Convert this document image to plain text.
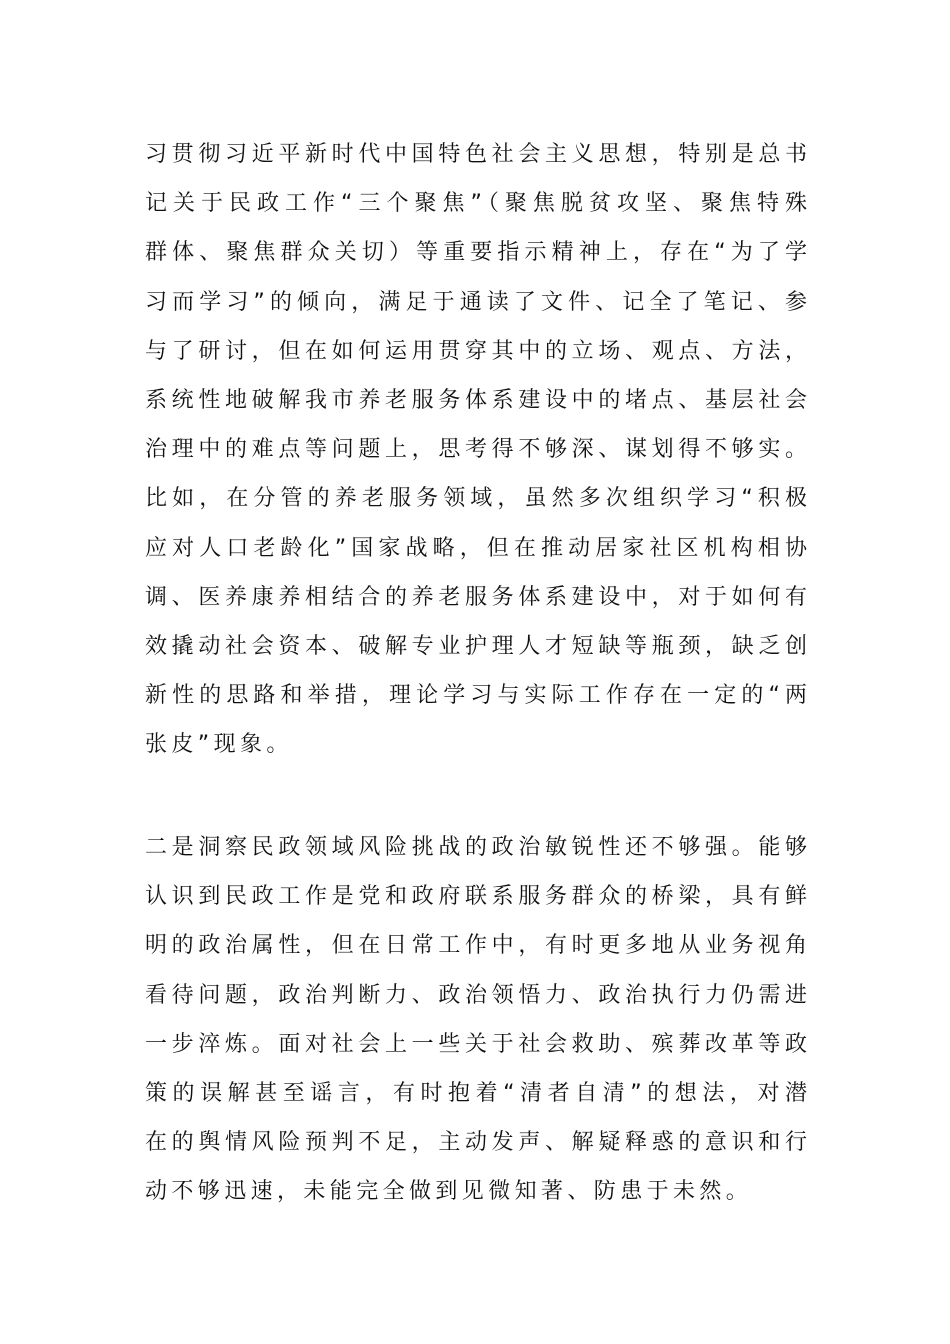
习贯彻习近平新时代中国特色社会主义思想，特别是总书
记关于民政工作“三个聚焦”（聚焦脱贫攻坚、聚焦特殊
群体、聚焦群众关切）等重要指示精神上，存在“为了学
习而学习”的倾向，满足于通读了文件、记全了笔记、参
与了研讨，但在如何运用贯穿其中的立场、观点、方法，
系统性地破解我市养老服务体系建设中的堵点、基层社会
治理中的难点等问题上，思考得不够深、谋划得不够实。
比如，在分管的养老服务领域，虽然多次组织学习“积极
应对人口老龄化”国家战略，但在推动居家社区机构相协
调、医养康养相结合的养老服务体系建设中，对于如何有
效撬动社会资本、破解专业护理人才短缺等瓶颈，缺乏创
新性的思路和举措，理论学习与实际工作存在一定的“两
张皮”现象。
二是洞察民政领域风险挑战的政治敏锐性还不够强。能够
认识到民政工作是党和政府联系服务群众的桥梁，具有鲜
明的政治属性，但在日常工作中，有时更多地从业务视角
看待问题，政治判断力、政治领悟力、政治执行力仍需进
一步淬炼。面对社会上一些关于社会救助、殡葬改革等政
策的误解甚至谣言，有时抱着“清者自清”的想法，对潜
在的舆情风险预判不足，主动发声、解疑释惑的意识和行
动不够迅速，未能完全做到见微知著、防患于未然。
